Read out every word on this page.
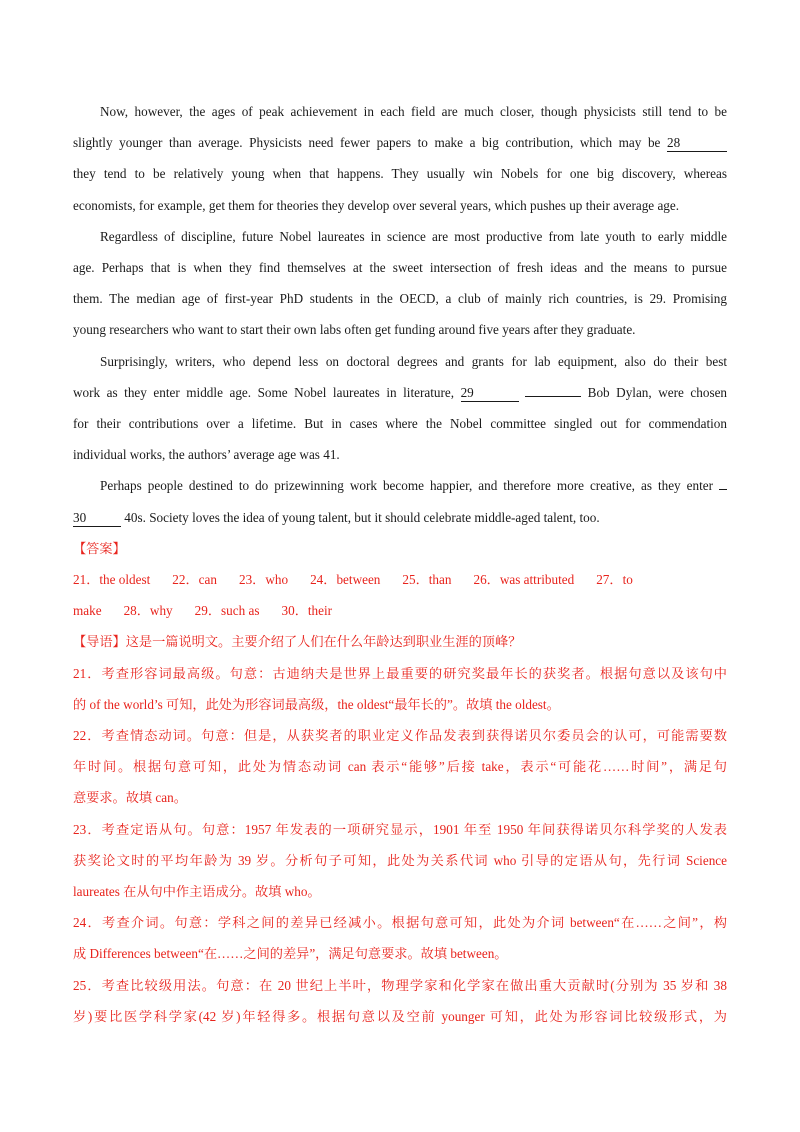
Now, however, the ages of peak achievement in each field are much closer, though physicists still tend to be

slightly younger than average. Physicists need fewer papers to make a big contribution, which may be 28

they tend to be relatively young when that happens. They usually win Nobels for one big discovery, whereas

economists, for example, get them for theories they develop over several years, which pushes up their average age.

Regardless of discipline, future Nobel laureates in science are most productive from late youth to early middle

age. Perhaps that is when they find themselves at the sweet intersection of fresh ideas and the means to pursue

them. The median age of first-year PhD students in the OECD, a club of mainly rich countries, is 29. Promising

young researchers who want to start their own labs often get funding around five years after they graduate.

Surprisingly, writers, who depend less on doctoral degrees and grants for lab equipment, also do their best

work as they enter middle age. Some Nobel laureates in literature, 29	Bob Dylan, were chosen

for their contributions over a lifetime. But in cases where the Nobel committee singled out for commendation

individual works, the authors’ average age was 41.

Perhaps people destined to do prizewinning work become happier, and therefore more creative, as they enter

30	40s. Society loves the idea of young talent, but it should celebrate middle-aged talent, too.

【答案】

21．the oldest 22．can 23．who 24．between 25．than 26．was attributed 27．to

make 28．why 29．such as 30．their

【导语】这是一篇说明文。主要介绍了人们在什么年龄达到职业生涯的顶峰？

21．考查形容词最高级。句意：古迪纳夫是世界上最重要的研究奖最年长的获奖者。根据句意以及该句中

的 of the world’s 可知，此处为形容词最高级，the oldest“最年长的”。故填 the oldest。

22．考查情态动词。句意：但是，从获奖者的职业定义作品发表到获得诺贝尔委员会的认可，可能需要数

年时间。根据句意可知，此处为情态动词 can 表示“能够”后接 take，表示“可能花……时间”，满足句

意要求。故填 can。

23．考查定语从句。句意：1957 年发表的一项研究显示，1901 年至 1950 年间获得诺贝尔科学奖的人发表

获奖论文时的平均年龄为 39 岁。分析句子可知，此处为关系代词 who 引导的定语从句，先行词 Science

laureates 在从句中作主语成分。故填 who。

24．考查介词。句意：学科之间的差异已经减小。根据句意可知，此处为介词 between“在……之间”，构

成 Differences between“在……之间的差异”，满足句意要求。故填 between。

25．考查比较级用法。句意：在 20 世纪上半叶，物理学家和化学家在做出重大贡献时(分别为 35 岁和 38

岁)要比医学科学家(42 岁)年轻得多。根据句意以及空前 younger 可知，此处为形容词比较级形式，为
